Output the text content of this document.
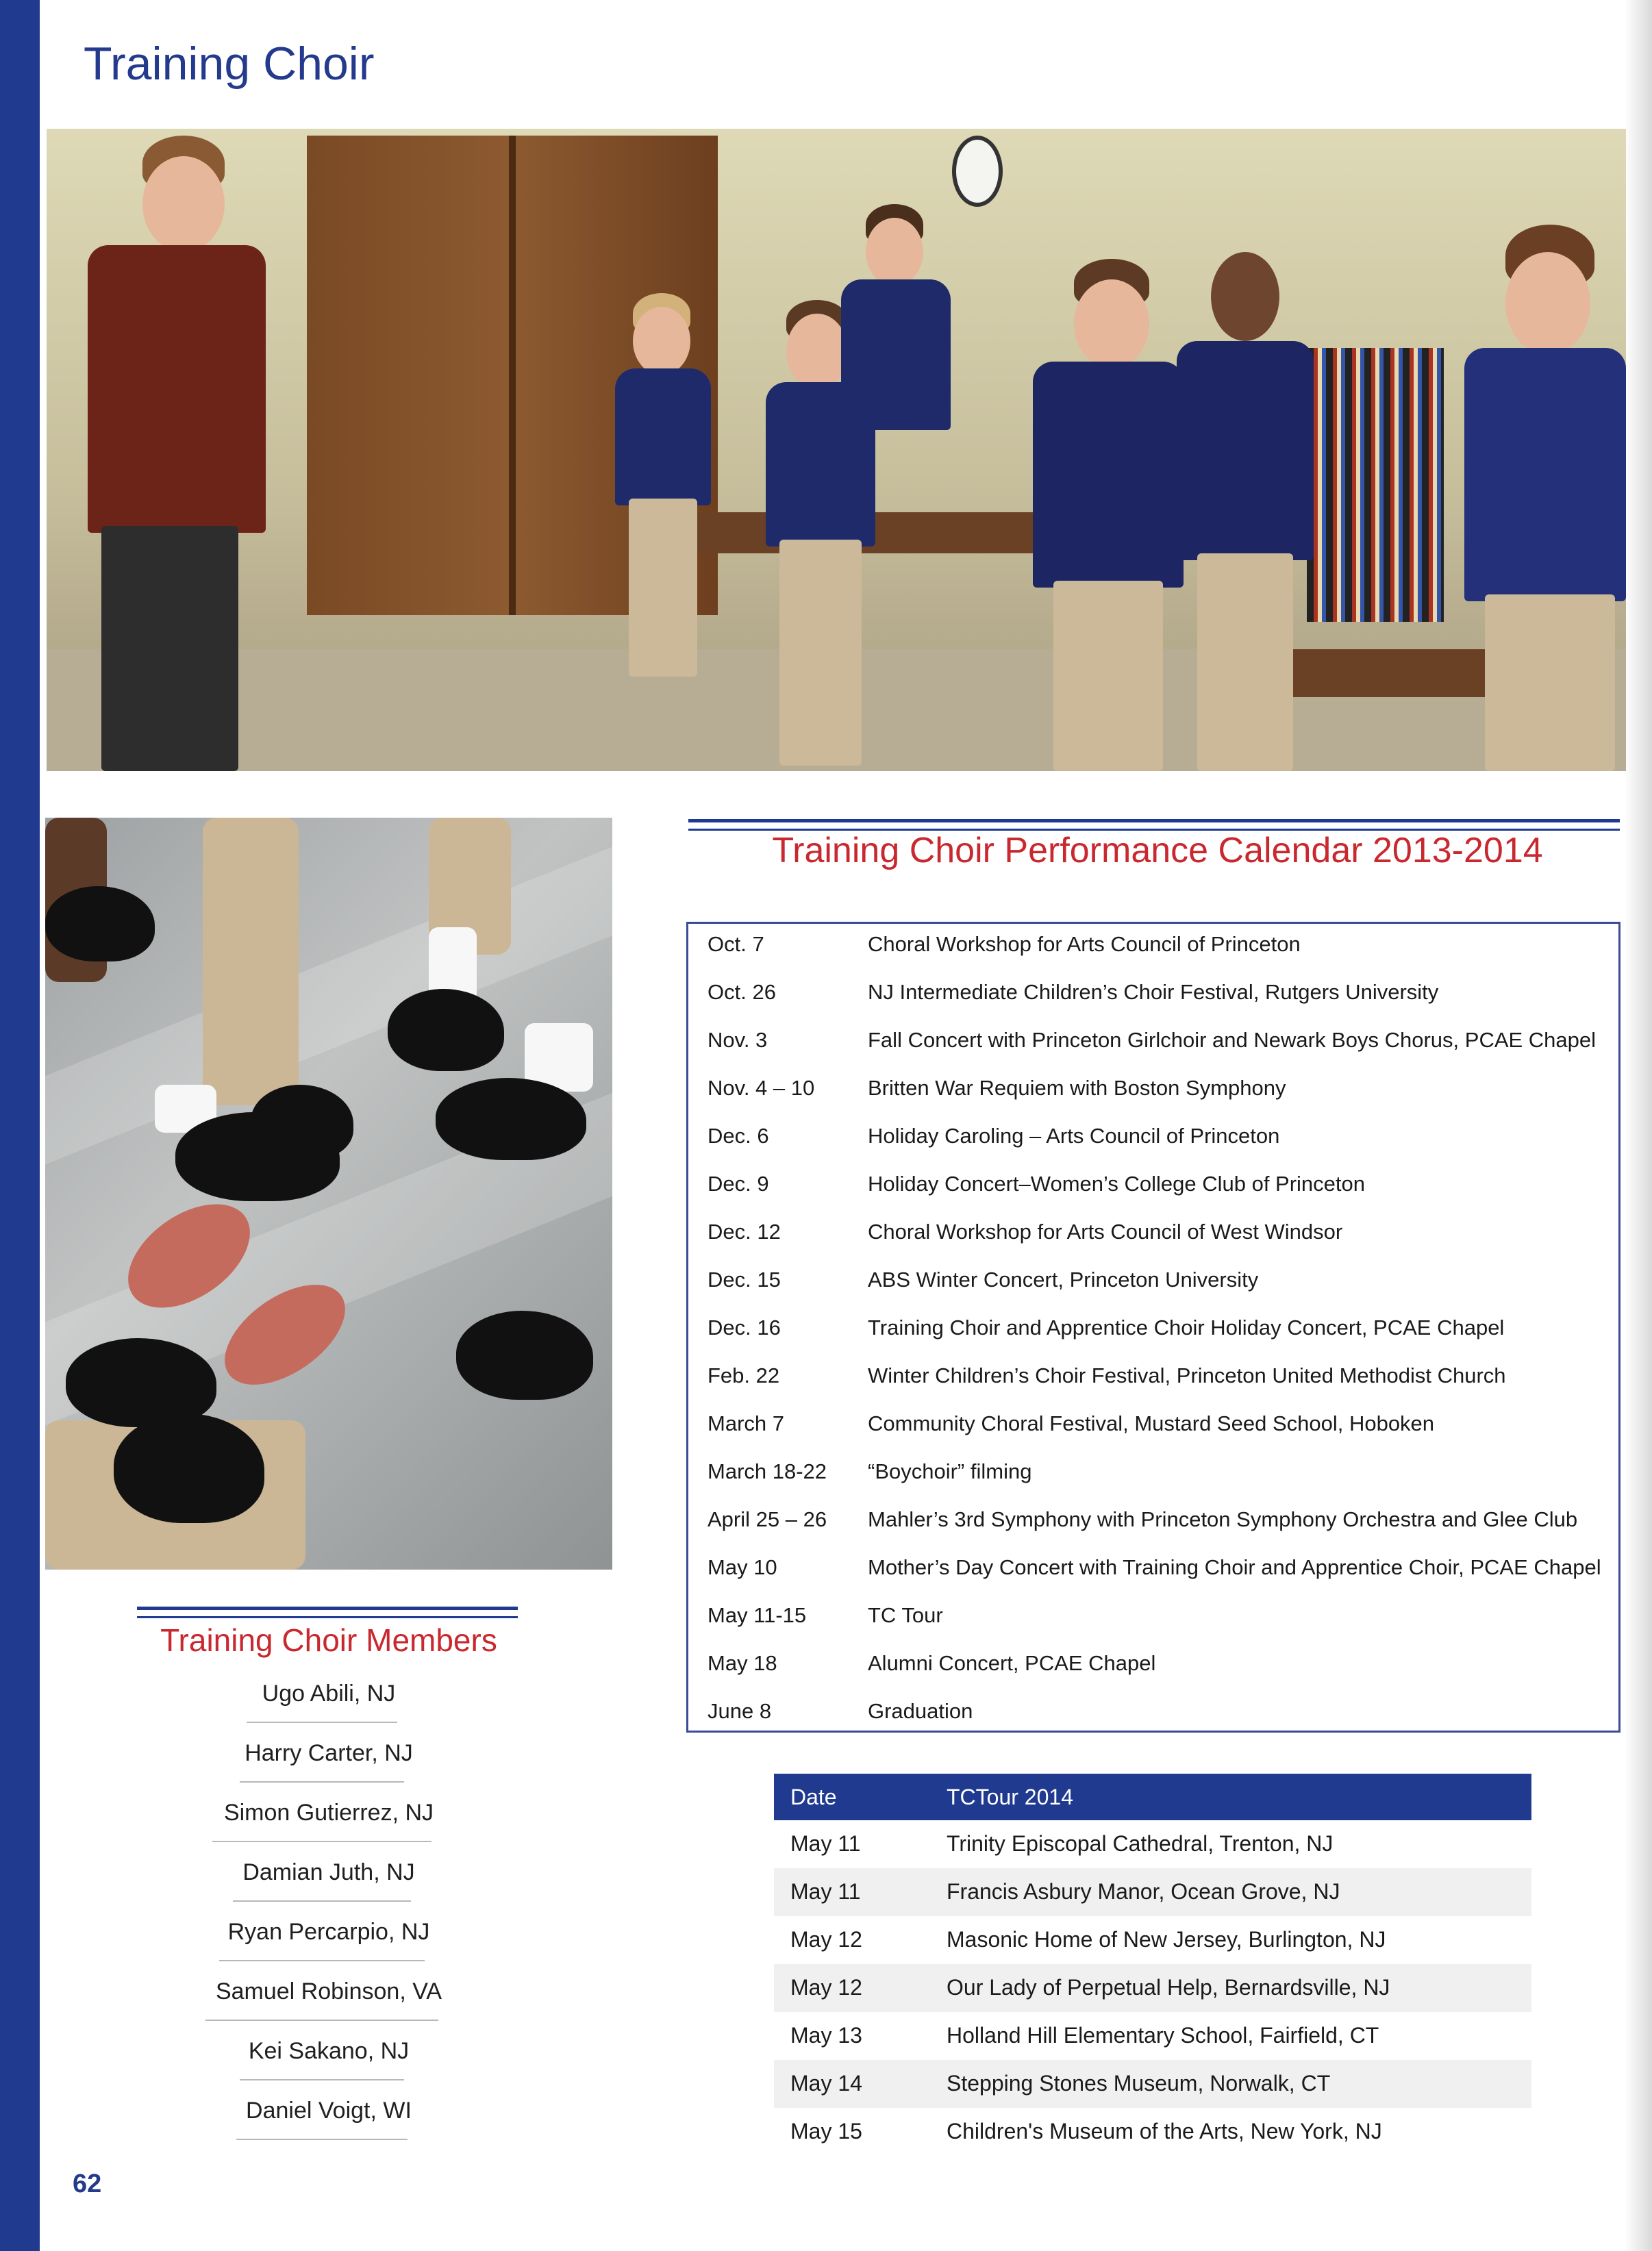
Training Choir
Training Choir Performance Calendar 2013-2014
Oct. 7	Choral Workshop for Arts Council of Princeton
Oct. 26	NJ Intermediate Children’s Choir Festival, Rutgers University
Nov. 3	Fall Concert with Princeton Girlchoir and Newark Boys Chorus, PCAE Chapel
Nov. 4 – 10	Britten War Requiem with Boston Symphony
Dec. 6	Holiday Caroling – Arts Council of Princeton
Dec. 9	Holiday Concert–Women’s College Club of Princeton
Dec. 12	Choral Workshop for Arts Council of West Windsor
Dec. 15	ABS Winter Concert, Princeton University
Dec. 16	Training Choir and Apprentice Choir Holiday Concert, PCAE Chapel
Feb. 22	Winter Children’s Choir Festival, Princeton United Methodist Church
March 7	Community Choral Festival, Mustard Seed School, Hoboken
March 18-22 “Boychoir” filming
April 25 – 26 Mahler’s 3rd Symphony with Princeton Symphony Orchestra and Glee Club
May 10	Mother’s Day Concert with Training Choir and Apprentice Choir, PCAE Chapel
May 11-15	TC Tour
May 18	Alumni Concert, PCAE Chapel
June 8	Graduation
Training Choir Members
Ugo Abili, NJ
Harry Carter, NJ
Simon Gutierrez, NJ
Damian Juth, NJ
Ryan Percarpio, NJ
Samuel Robinson, VA
Kei Sakano, NJ
Daniel Voigt, WI
Date	TCTour 2014
May 11	Trinity Episcopal Cathedral, Trenton, NJ
May 11	Francis Asbury Manor, Ocean Grove, NJ
May 12	Masonic Home of New Jersey, Burlington, NJ
May 12	Our Lady of Perpetual Help, Bernardsville, NJ
May 13	Holland Hill Elementary School, Fairfield, CT
May 14	Stepping Stones Museum, Norwalk, CT
May 15	Children's Museum of the Arts, New York, NJ
62
